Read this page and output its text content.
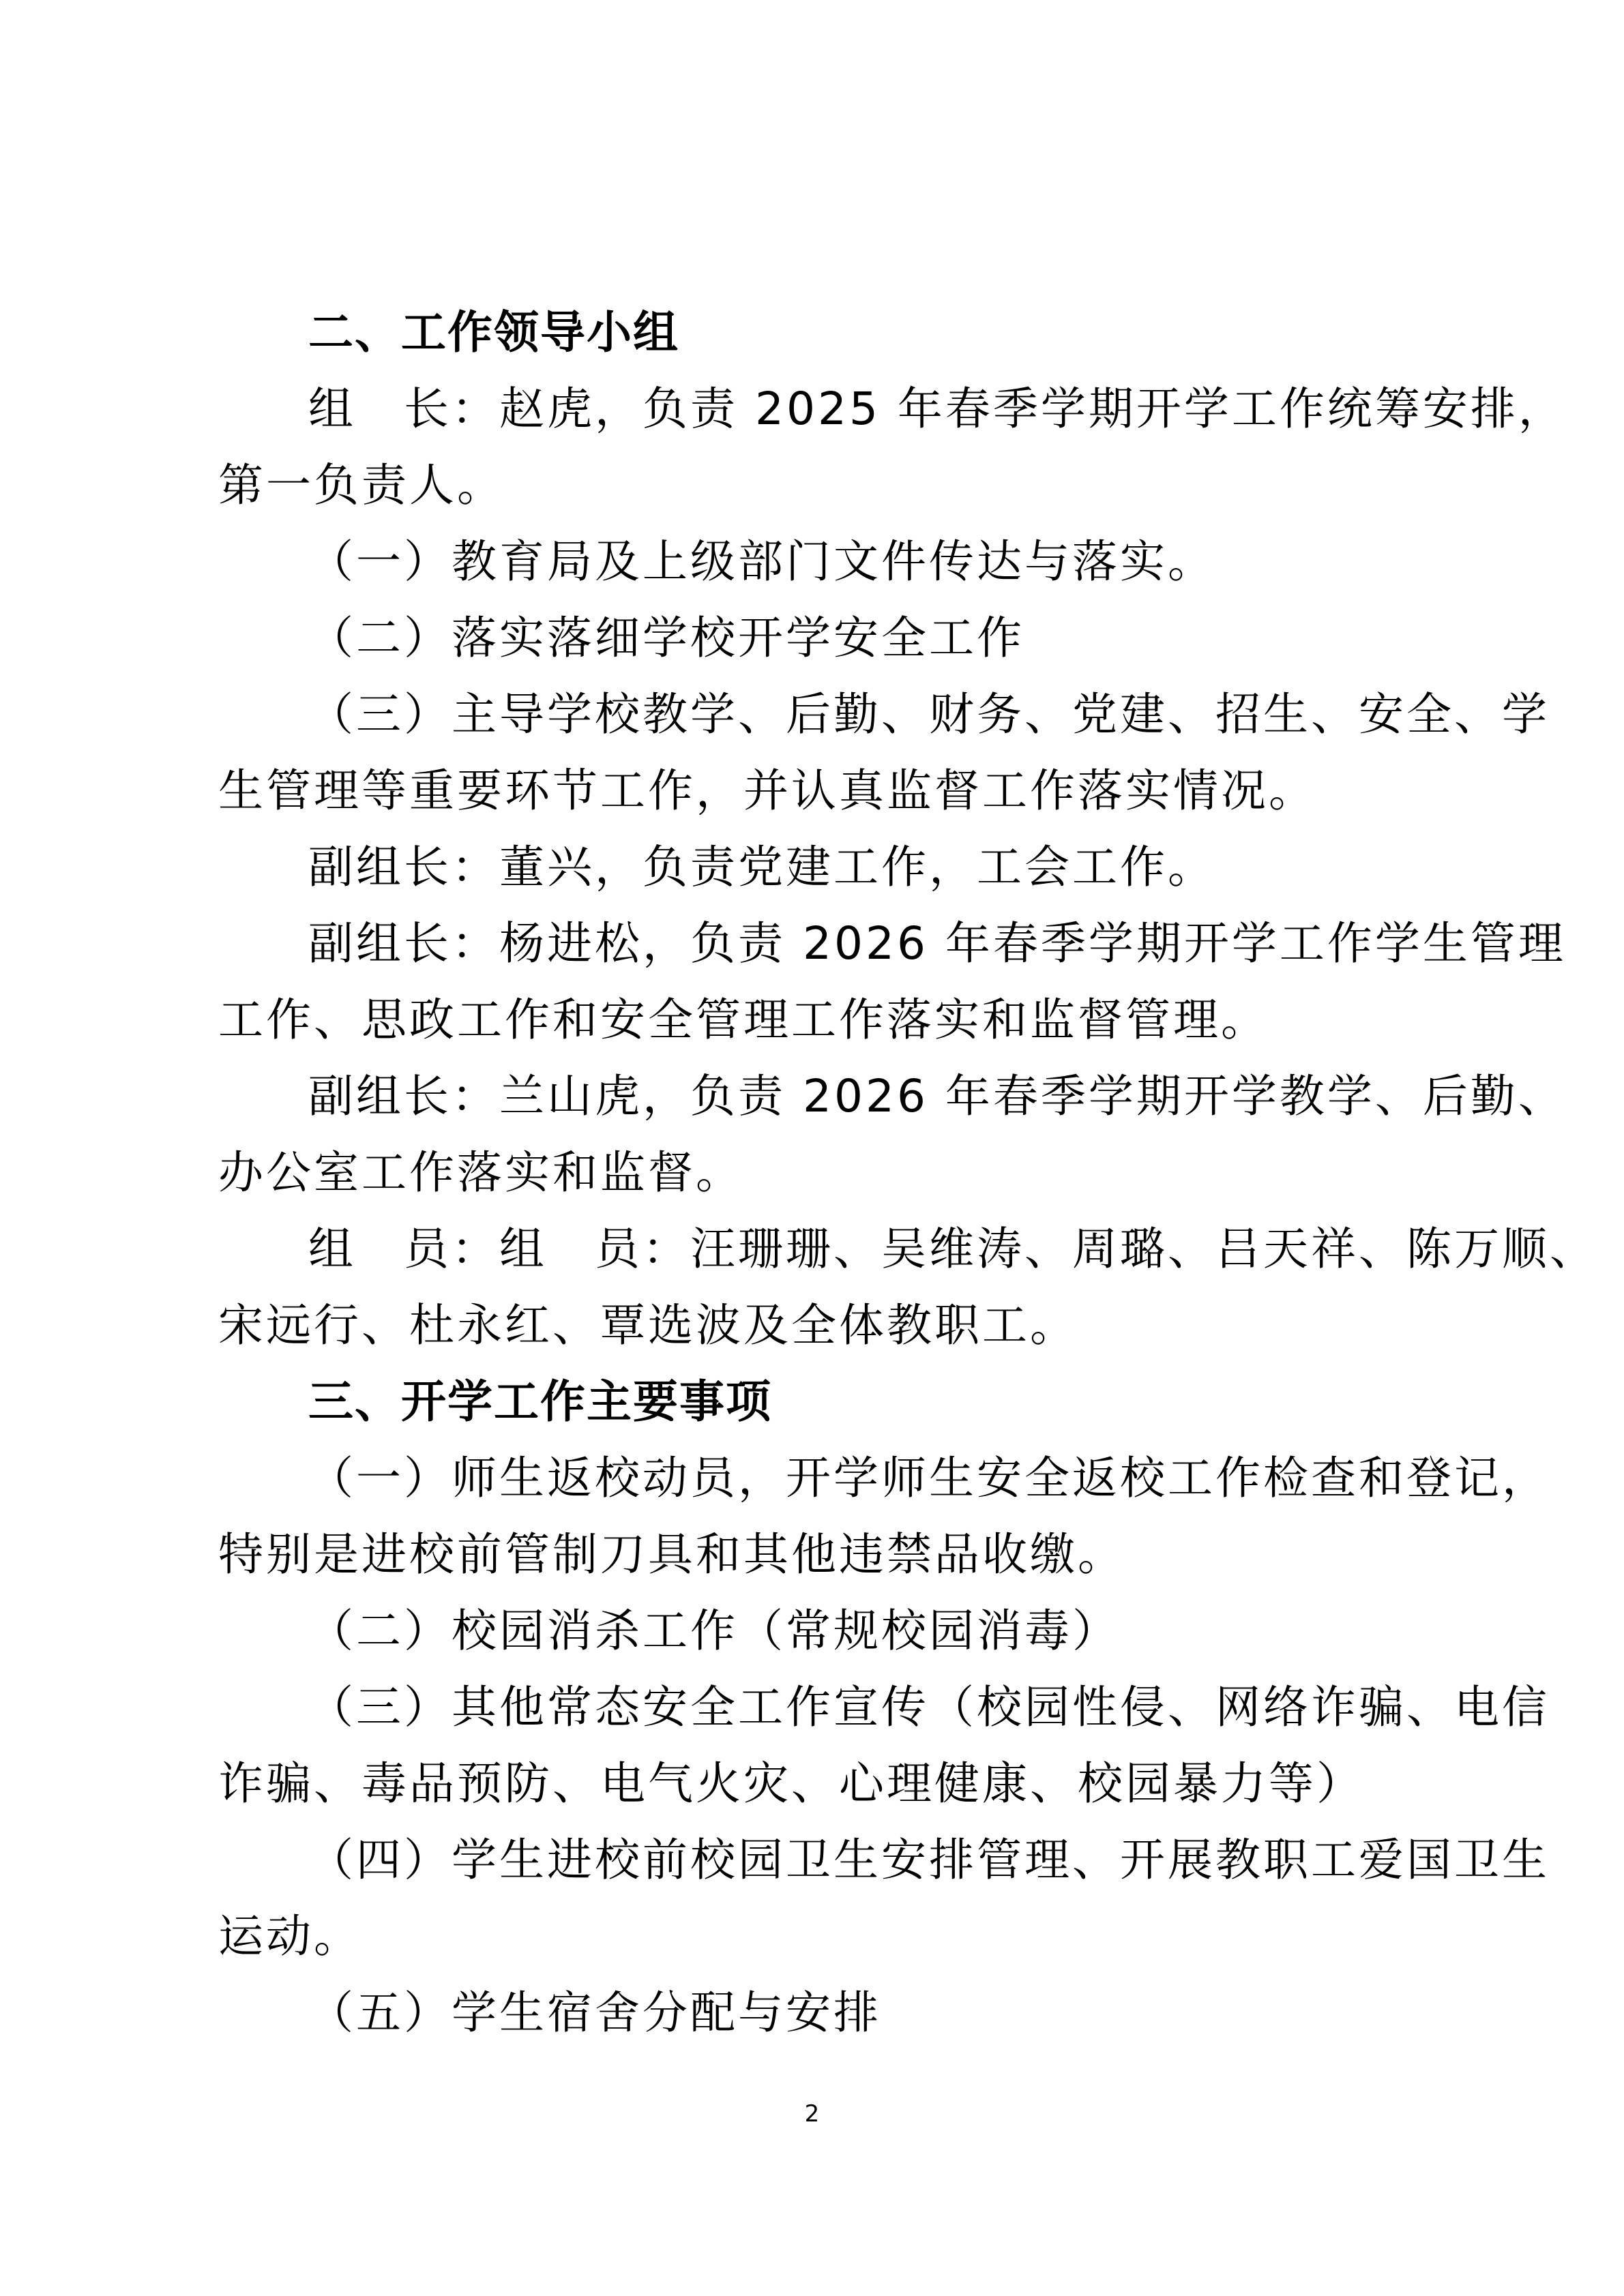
二、工作领导小组
组　长：赵虎，负责 2025 年春季学期开学工作统筹安排，
第一负责人。
（一）教育局及上级部门文件传达与落实。
（二）落实落细学校开学安全工作
（三）主导学校教学、后勤、财务、党建、招生、安全、学
生管理等重要环节工作，并认真监督工作落实情况。
副组长：董兴，负责党建工作，工会工作。
副组长：杨进松，负责 2026 年春季学期开学工作学生管理
工作、思政工作和安全管理工作落实和监督管理。
副组长：兰山虎，负责 2026 年春季学期开学教学、后勤、
办公室工作落实和监督。
组　员：组　员：汪珊珊、吴维涛、周璐、吕天祥、陈万顺、
宋远行、杜永红、覃选波及全体教职工。
三、开学工作主要事项
（一）师生返校动员，开学师生安全返校工作检查和登记，
特别是进校前管制刀具和其他违禁品收缴。
（二）校园消杀工作（常规校园消毒）
（三）其他常态安全工作宣传（校园性侵、网络诈骗、电信
诈骗、毒品预防、电气火灾、心理健康、校园暴力等）
（四）学生进校前校园卫生安排管理、开展教职工爱国卫生
运动。
（五）学生宿舍分配与安排
2
